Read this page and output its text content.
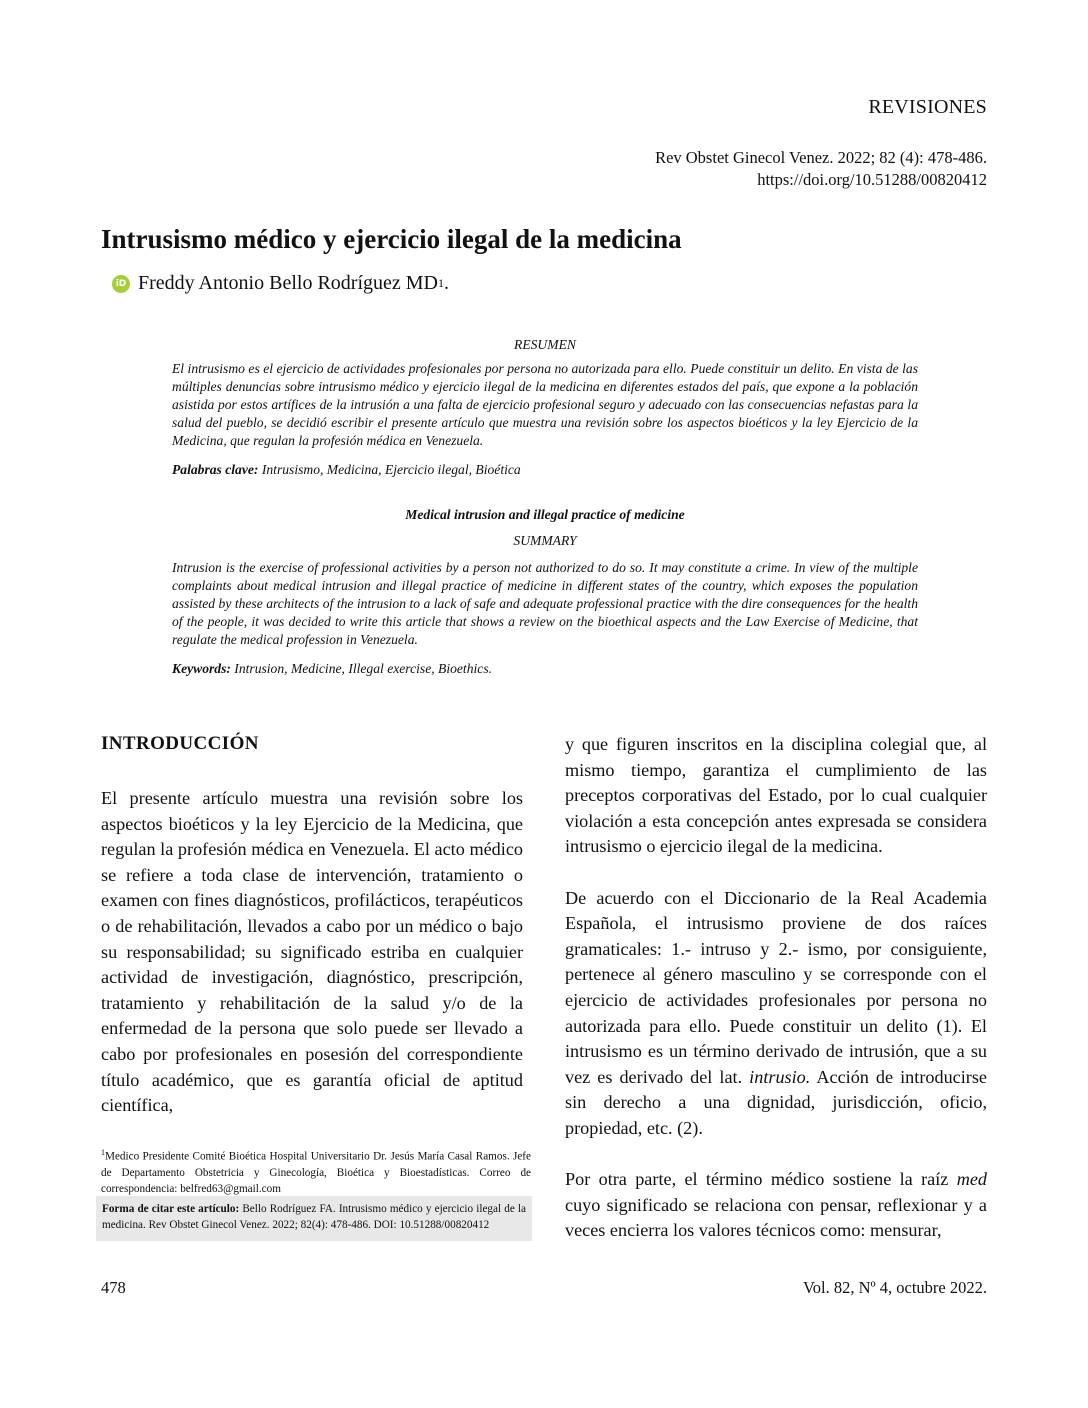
REVISIONES
Rev Obstet Ginecol Venez. 2022; 82 (4): 478-486.
https://doi.org/10.51288/00820412
Intrusismo médico y ejercicio ilegal de la medicina
iD Freddy Antonio Bello Rodríguez MD 1 .
RESUMEN
El intrusismo es el ejercicio de actividades profesionales por persona no autorizada para ello. Puede constituir un delito. En vista de las múltiples denuncias sobre intrusismo médico y ejercicio ilegal de la medicina en diferentes estados del país, que expone a la población asistida por estos artífices de la intrusión a una falta de ejercicio profesional seguro y adecuado con las consecuencias nefastas para la salud del pueblo, se decidió escribir el presente artículo que muestra una revisión sobre los aspectos bioéticos y la ley Ejercicio de la Medicina, que regulan la profesión médica en Venezuela.
Palabras clave: Intrusismo, Medicina, Ejercicio ilegal, Bioética
Medical intrusion and illegal practice of medicine
SUMMARY
Intrusion is the exercise of professional activities by a person not authorized to do so. It may constitute a crime. In view of the multiple complaints about medical intrusion and illegal practice of medicine in different states of the country, which exposes the population assisted by these architects of the intrusion to a lack of safe and adequate professional practice with the dire consequences for the health of the people, it was decided to write this article that shows a review on the bioethical aspects and the Law Exercise of Medicine, that regulate the medical profession in Venezuela.
Keywords: Intrusion, Medicine, Illegal exercise, Bioethics.
INTRODUCCIÓN

El presente artículo muestra una revisión sobre los aspectos bioéticos y la ley Ejercicio de la Medicina, que regulan la profesión médica en Venezuela. El acto médico se refiere a toda clase de intervención, tratamiento o examen con fines diagnósticos, profilácticos, terapéuticos o de rehabilitación, llevados a cabo por un médico o bajo su responsabilidad; su significado estriba en cualquier actividad de investigación, diagnóstico, prescripción, tratamiento y rehabilitación de la salud y/o de la enfermedad de la persona que solo puede ser llevado a cabo por profesionales en posesión del correspondiente título académico, que es garantía oficial de aptitud científica,

y que figuren inscritos en la disciplina colegial que, al mismo tiempo, garantiza el cumplimiento de las preceptos corporativas del Estado, por lo cual cualquier violación a esta concepción antes expresada se considera intrusismo o ejercicio ilegal de la medicina.

De acuerdo con el Diccionario de la Real Academia Española, el intrusismo proviene de dos raíces gramaticales: 1.- intruso y 2.- ismo, por consiguiente, pertenece al género masculino y se corresponde con el ejercicio de actividades profesionales por persona no autorizada para ello. Puede constituir un delito (1). El intrusismo es un término derivado de intrusión, que a su vez es derivado del lat. intrusio. Acción de introducirse sin derecho a una dignidad, jurisdicción, oficio, propiedad, etc. (2).

Por otra parte, el término médico sostiene la raíz med cuyo significado se relaciona con pensar, reflexionar y a veces encierra los valores técnicos como: mensurar,

$^1$Medico Presidente Comité Bioética Hospital Universitario Dr. Jesús María Casal Ramos. Jefe de Departamento Obstetricia y Ginecología, Bioética y Bioestadísticas. Correo de correspondencia: belfred63@gmail.com
Forma de citar este artículo: Bello Rodríguez FA. Intrusismo médico y ejercicio ilegal de la medicina. Rev Obstet Ginecol Venez. 2022; 82(4): 478-486. DOI: 10.51288/00820412
478	Vol. 82, Nº 4, octubre 2022.
